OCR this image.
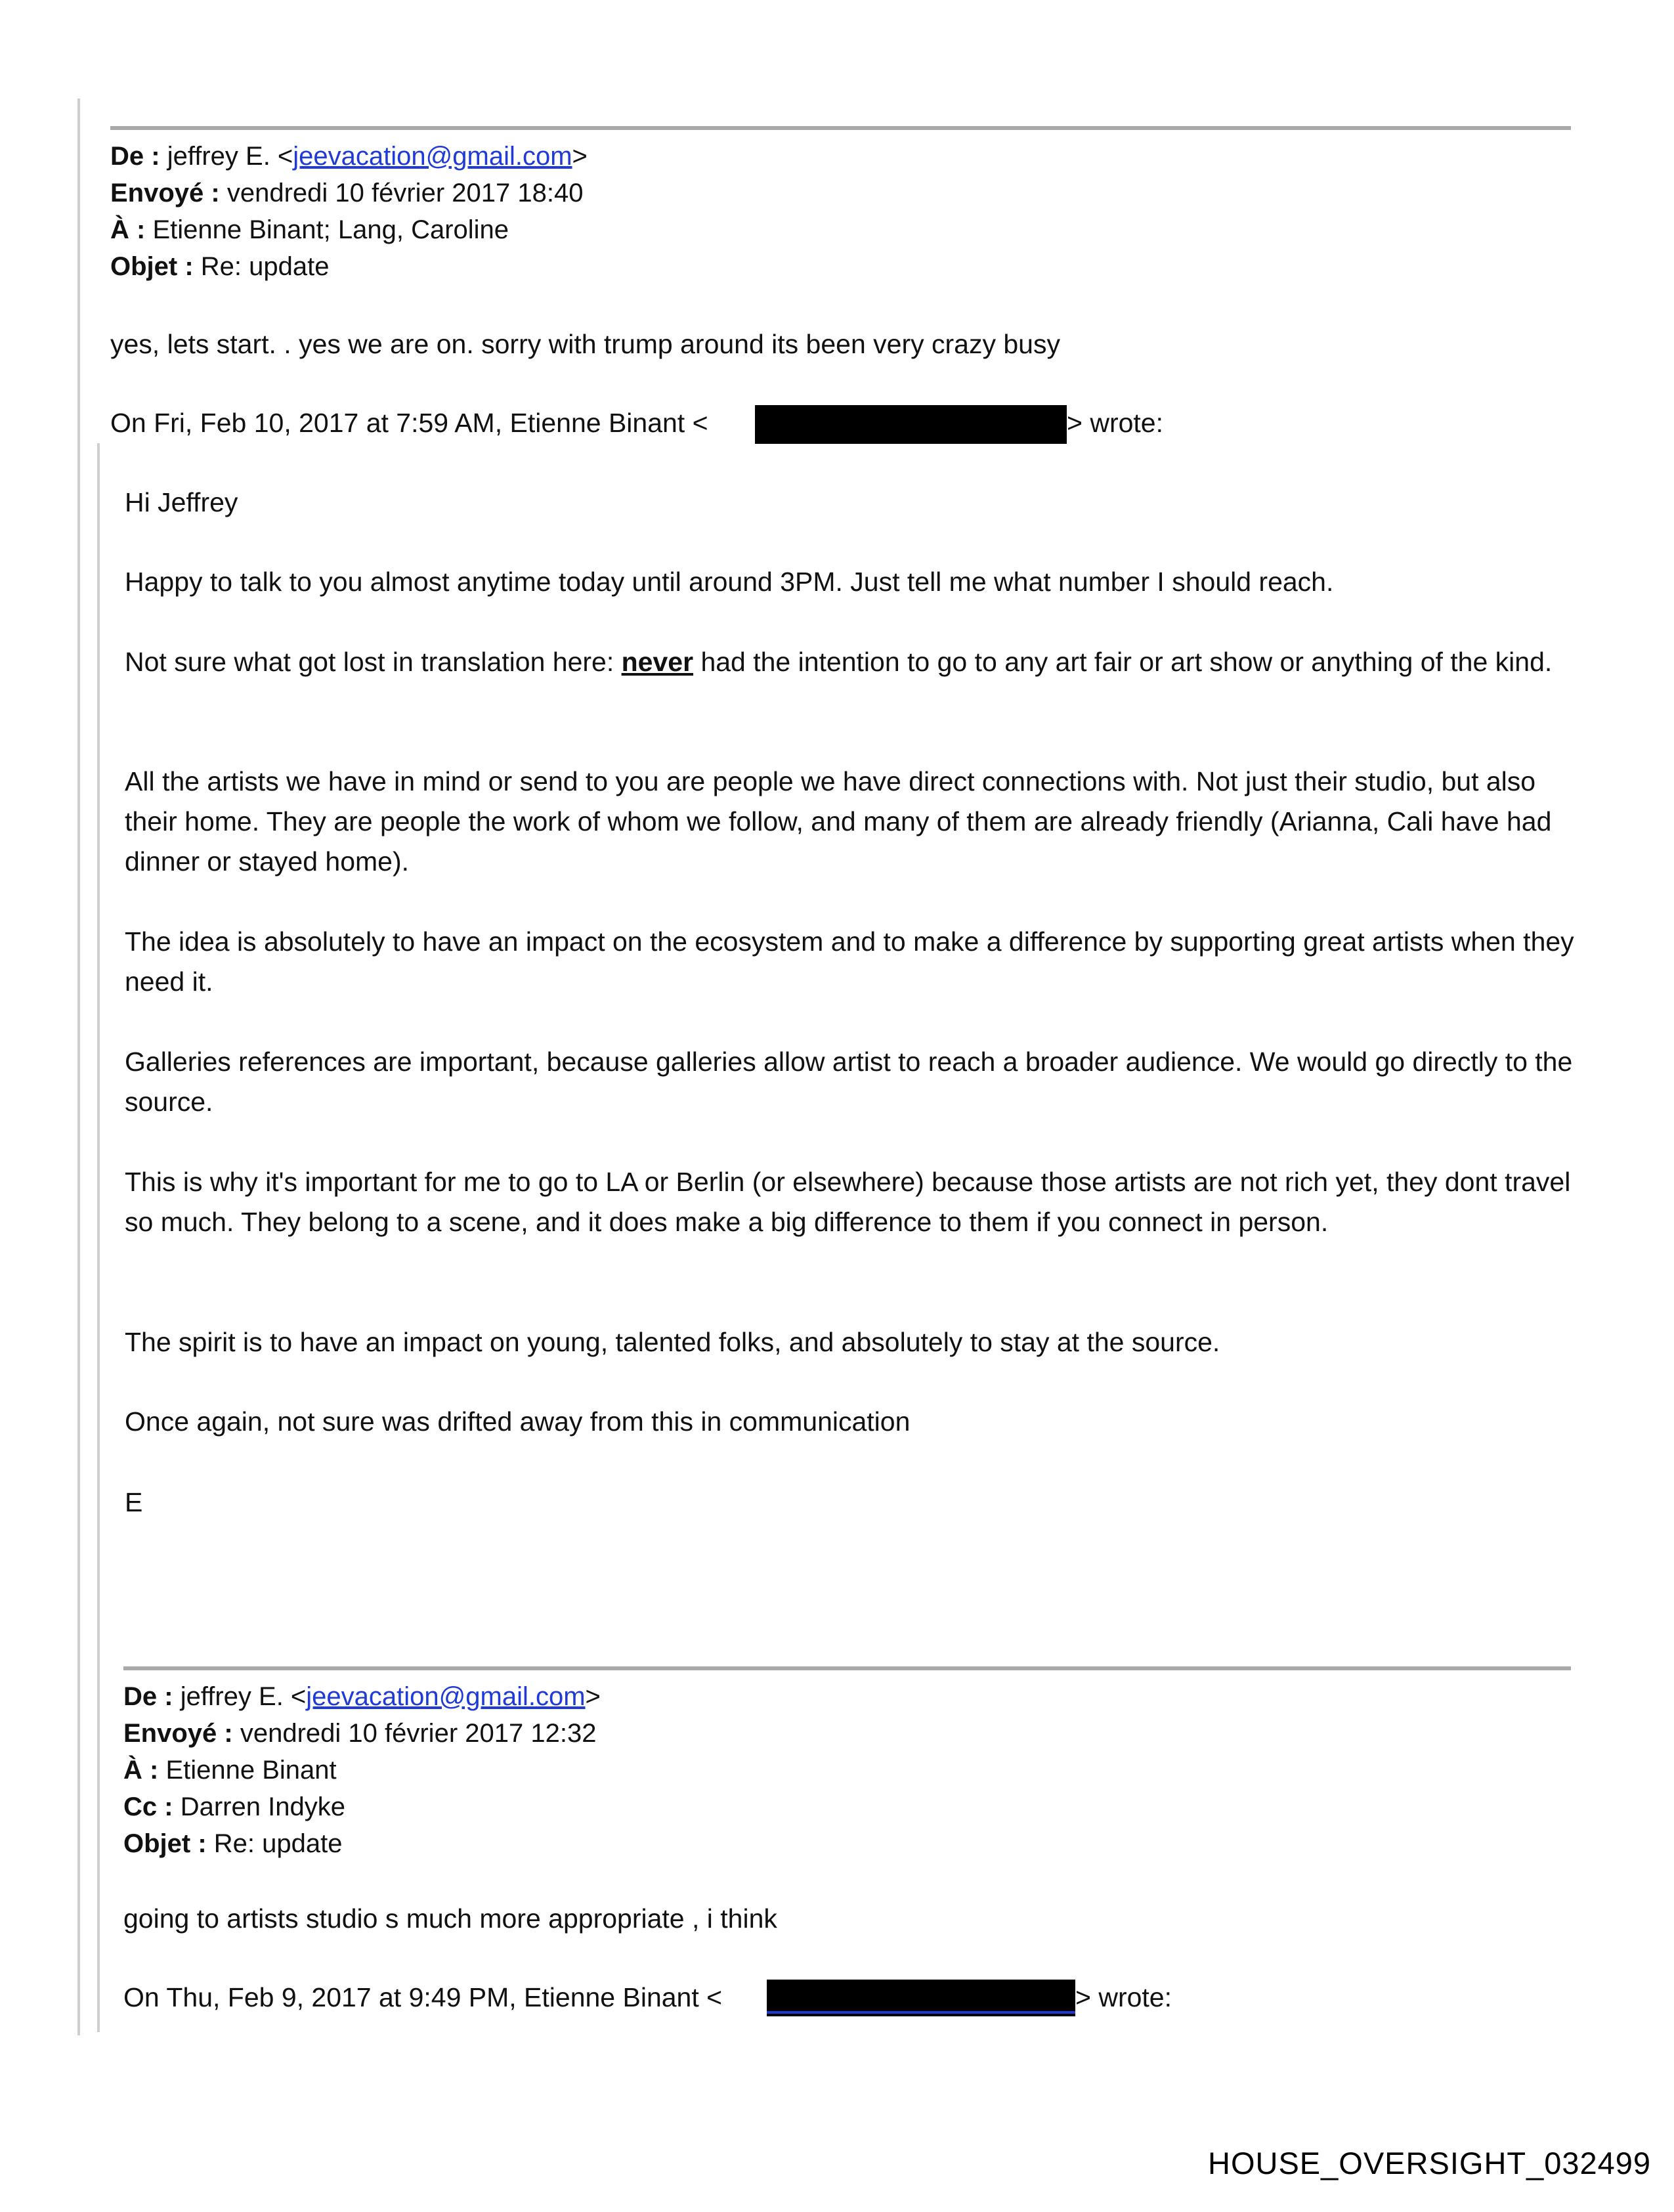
De : jeffrey E. <jeevacation@gmail.com>
Envoyé : vendredi 10 février 2017 18:40
À : Etienne Binant; Lang, Caroline
Objet : Re: update
yes, lets start. . yes we are on. sorry with trump around its been very crazy busy
On Fri, Feb 10, 2017 at 7:59 AM, Etienne Binant <	> wrote:
Hi Jeffrey
Happy to talk to you almost anytime today until around 3PM. Just tell me what number I should reach.
Not sure what got lost in translation here: never had the intention to go to any art fair or art show or anything of the kind.
All the artists we have in mind or send to you are people we have direct connections with. Not just their studio, but also their home. They are people the work of whom we follow, and many of them are already friendly (Arianna, Cali have had dinner or stayed home).
The idea is absolutely to have an impact on the ecosystem and to make a difference by supporting great artists when they need it.
Galleries references are important, because galleries allow artist to reach a broader audience. We would go directly to the source.
This is why it's important for me to go to LA or Berlin (or elsewhere) because those artists are not rich yet, they dont travel so much. They belong to a scene, and it does make a big difference to them if you connect in person.
The spirit is to have an impact on young, talented folks, and absolutely to stay at the source.
Once again, not sure was drifted away from this in communication
E
De : jeffrey E. <jeevacation@gmail.com>
Envoyé : vendredi 10 février 2017 12:32
À : Etienne Binant
Cc : Darren Indyke
Objet : Re: update
going to artists studio s much more appropriate , i think
On Thu, Feb 9, 2017 at 9:49 PM, Etienne Binant <	> wrote:
HOUSE_OVERSIGHT_032499
